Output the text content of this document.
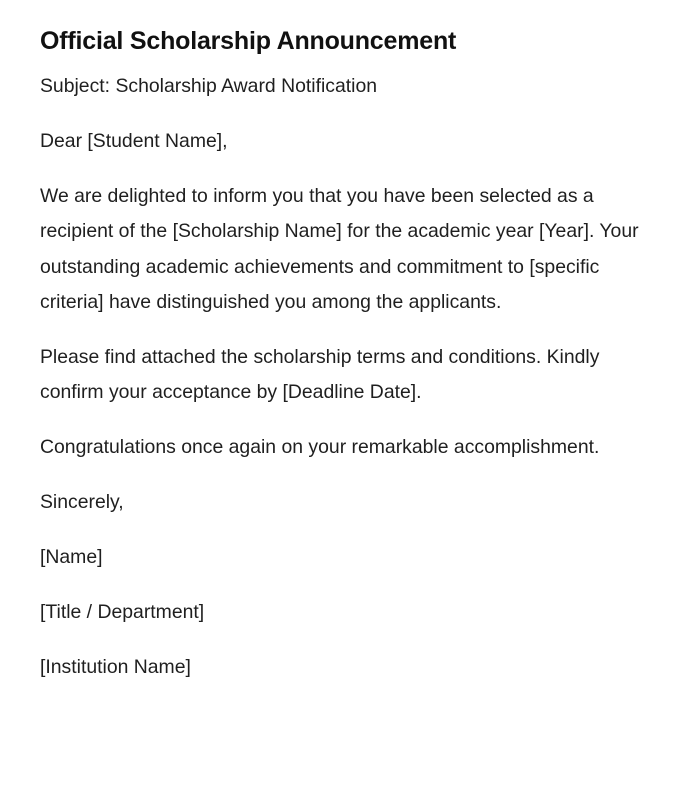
Official Scholarship Announcement

Subject: Scholarship Award Notification

Dear [Student Name],

We are delighted to inform you that you have been selected as a recipient of the [Scholarship Name] for the academic year [Year]. Your outstanding academic achievements and commitment to [specific criteria] have distinguished you among the applicants.

Please find attached the scholarship terms and conditions. Kindly confirm your acceptance by [Deadline Date].

Congratulations once again on your remarkable accomplishment.

Sincerely,

[Name]

[Title / Department]

[Institution Name]
